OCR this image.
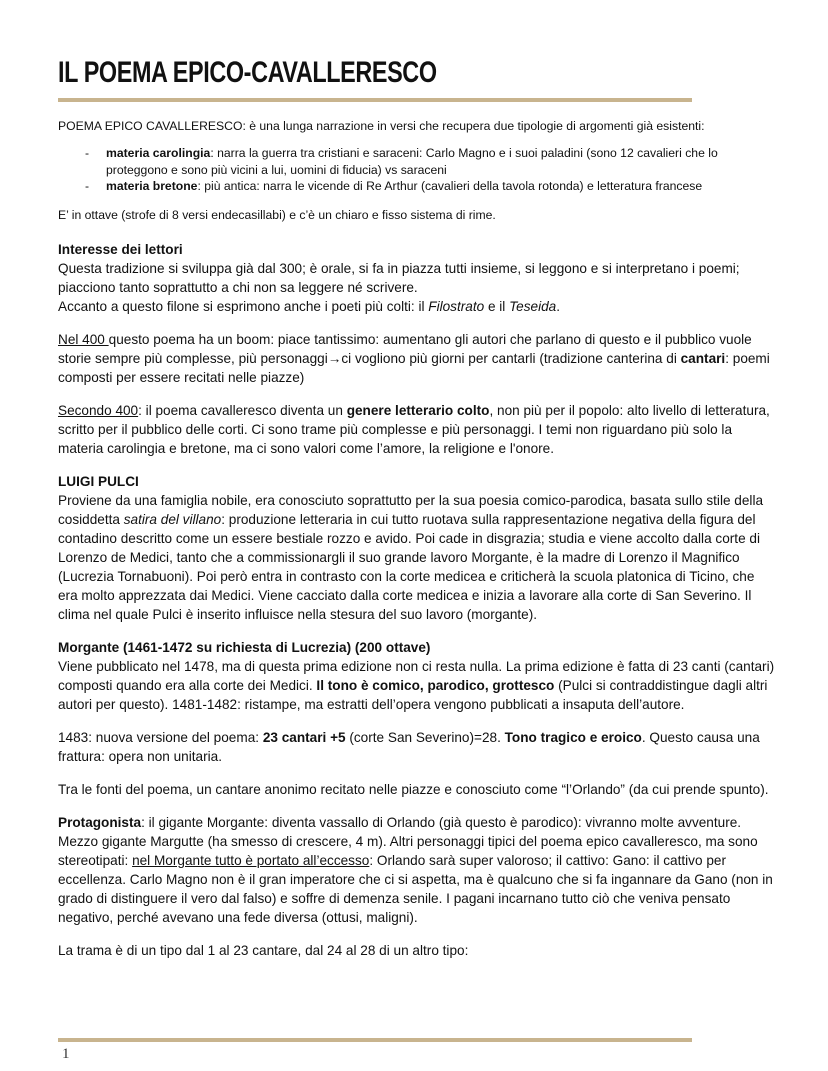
IL POEMA EPICO-CAVALLERESCO

POEMA EPICO CAVALLERESCO: è una lunga narrazione in versi che recupera due tipologie di argomenti già esistenti:

- materia carolingia: narra la guerra tra cristiani e saraceni: Carlo Magno e i suoi paladini (sono 12 cavalieri che lo proteggono e sono più vicini a lui, uomini di fiducia) vs saraceni
- materia bretone: più antica: narra le vicende di Re Arthur (cavalieri della tavola rotonda) e letteratura francese

E’ in ottave (strofe di 8 versi endecasillabi) e c’è un chiaro e fisso sistema di rime.

Interesse dei lettori
Questa tradizione si sviluppa già dal 300; è orale, si fa in piazza tutti insieme, si leggono e si interpretano i poemi; piacciono tanto soprattutto a chi non sa leggere né scrivere.
Accanto a questo filone si esprimono anche i poeti più colti: il Filostrato e il Teseida.

Nel 400 questo poema ha un boom: piace tantissimo: aumentano gli autori che parlano di questo e il pubblico vuole storie sempre più complesse, più personaggi→ci vogliono più giorni per cantarli (tradizione canterina di cantari: poemi composti per essere recitati nelle piazze)

Secondo 400: il poema cavalleresco diventa un genere letterario colto, non più per il popolo: alto livello di letteratura, scritto per il pubblico delle corti. Ci sono trame più complesse e più personaggi. I temi non riguardano più solo la materia carolingia e bretone, ma ci sono valori come l’amore, la religione e l'onore.

LUIGI PULCI
Proviene da una famiglia nobile, era conosciuto soprattutto per la sua poesia comico-parodica, basata sullo stile della cosiddetta satira del villano: produzione letteraria in cui tutto ruotava sulla rappresentazione negativa della figura del contadino descritto come un essere bestiale rozzo e avido. Poi cade in disgrazia; studia e viene accolto dalla corte di Lorenzo de Medici, tanto che a commissionargli il suo grande lavoro Morgante, è la madre di Lorenzo il Magnifico (Lucrezia Tornabuoni). Poi però entra in contrasto con la corte medicea e criticherà la scuola platonica di Ticino, che era molto apprezzata dai Medici. Viene cacciato dalla corte medicea e inizia a lavorare alla corte di San Severino. Il clima nel quale Pulci è inserito influisce nella stesura del suo lavoro (morgante).

Morgante (1461-1472 su richiesta di Lucrezia) (200 ottave)
Viene pubblicato nel 1478, ma di questa prima edizione non ci resta nulla. La prima edizione è fatta di 23 canti (cantari) composti quando era alla corte dei Medici. Il tono è comico, parodico, grottesco (Pulci si contraddistingue dagli altri autori per questo). 1481-1482: ristampe, ma estratti dell’opera vengono pubblicati a insaputa dell’autore.

1483: nuova versione del poema: 23 cantari +5 (corte San Severino)=28. Tono tragico e eroico. Questo causa una frattura: opera non unitaria.

Tra le fonti del poema, un cantare anonimo recitato nelle piazze e conosciuto come “l’Orlando” (da cui prende spunto).

Protagonista: il gigante Morgante: diventa vassallo di Orlando (già questo è parodico): vivranno molte avventure. Mezzo gigante Margutte (ha smesso di crescere, 4 m). Altri personaggi tipici del poema epico cavalleresco, ma sono stereotipati: nel Morgante tutto è portato all’eccesso: Orlando sarà super valoroso; il cattivo: Gano: il cattivo per eccellenza. Carlo Magno non è il gran imperatore che ci si aspetta, ma è qualcuno che si fa ingannare da Gano (non in grado di distinguere il vero dal falso) e soffre di demenza senile. I pagani incarnano tutto ciò che veniva pensato negativo, perché avevano una fede diversa (ottusi, maligni).

La trama è di un tipo dal 1 al 23 cantare, dal 24 al 28 di un altro tipo:

1
